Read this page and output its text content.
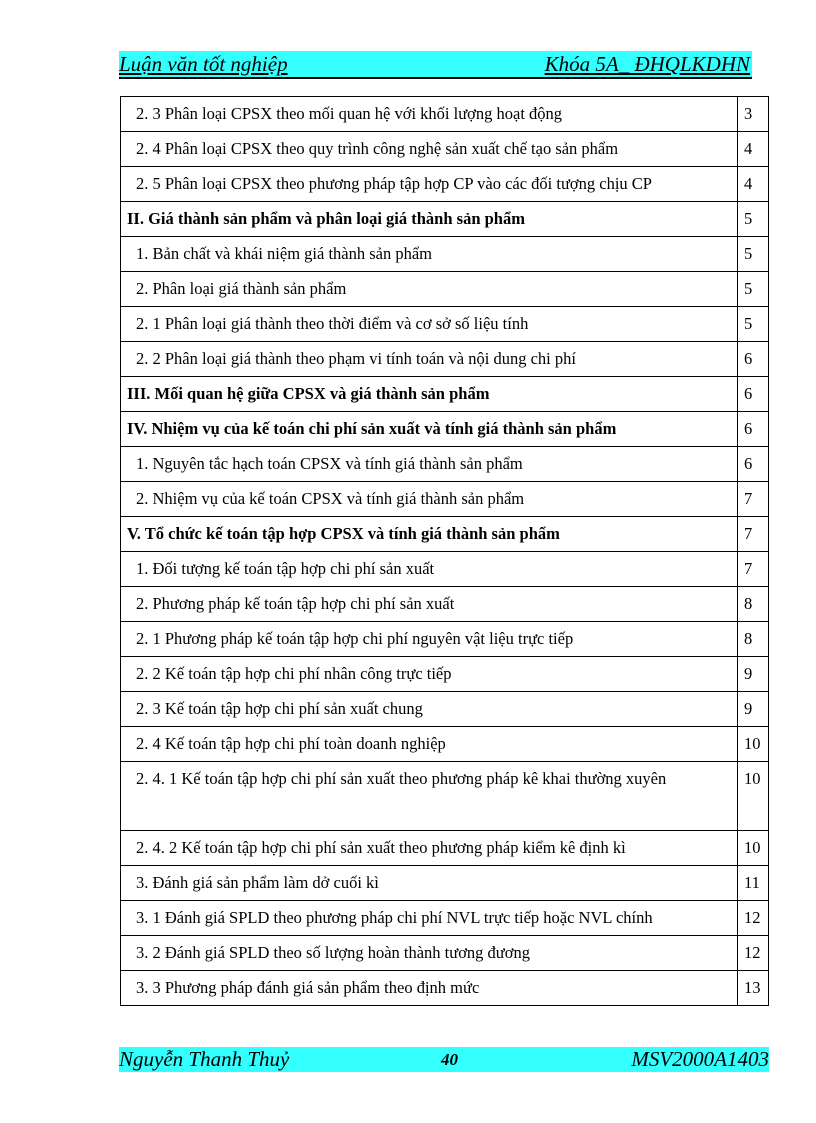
Luận văn tốt nghiệp	Khóa 5A_ ĐHQLKDHN
2. 3 Phân loại CPSX theo mối quan hệ với khối lượng hoạt động	3
2. 4 Phân loại CPSX theo quy trình công nghệ sản xuất chế tạo sản phẩm	4
2. 5 Phân loại CPSX theo phương pháp tập hợp CP vào các đối tượng chịu CP	4
II. Giá thành sản phẩm và phân loại giá thành sản phẩm	5
1. Bản chất và khái niệm giá thành sản phẩm	5
2. Phân loại giá thành sản phẩm	5
2. 1 Phân loại giá thành theo thời điểm và cơ sở số liệu tính	5
2. 2 Phân loại giá thành theo phạm vi tính toán và nội dung chi phí	6
III. Mối quan hệ giữa CPSX và giá thành sản phẩm	6
IV. Nhiệm vụ của kế toán chi phí sản xuất và tính giá thành sản phẩm	6
1. Nguyên tắc hạch toán CPSX và tính giá thành sản phẩm	6
2. Nhiệm vụ của kế toán CPSX và tính giá thành sản phẩm	7
V. Tổ chức kế toán tập hợp CPSX và tính giá thành sản phẩm	7
1. Đối tượng kế toán tập hợp chi phí sản xuất	7
2. Phương pháp kế toán tập hợp chi phí sản xuất	8
2. 1 Phương pháp kế toán tập hợp chi phí nguyên vật liệu trực tiếp	8
2. 2 Kế toán tập hợp chi phí nhân công trực tiếp	9
2. 3 Kế toán tập hợp chi phí sản xuất chung	9
2. 4 Kế toán tập hợp chi phí toàn doanh nghiệp	10
2. 4. 1 Kế toán tập hợp chi phí sản xuất theo phương pháp kê khai thường xuyên	10
2. 4. 2 Kế toán tập hợp chi phí sản xuất theo phương pháp kiểm kê định kì	10
3. Đánh giá sản phẩm làm dở cuối kì	11
3. 1 Đánh giá SPLD theo phương pháp chi phí NVL trực tiếp hoặc NVL chính	12
3. 2 Đánh giá SPLD theo số lượng hoàn thành tương đương	12
3. 3 Phương pháp đánh giá sản phẩm theo định mức	13
Nguyễn Thanh Thuỷ	40	MSV2000A1403
